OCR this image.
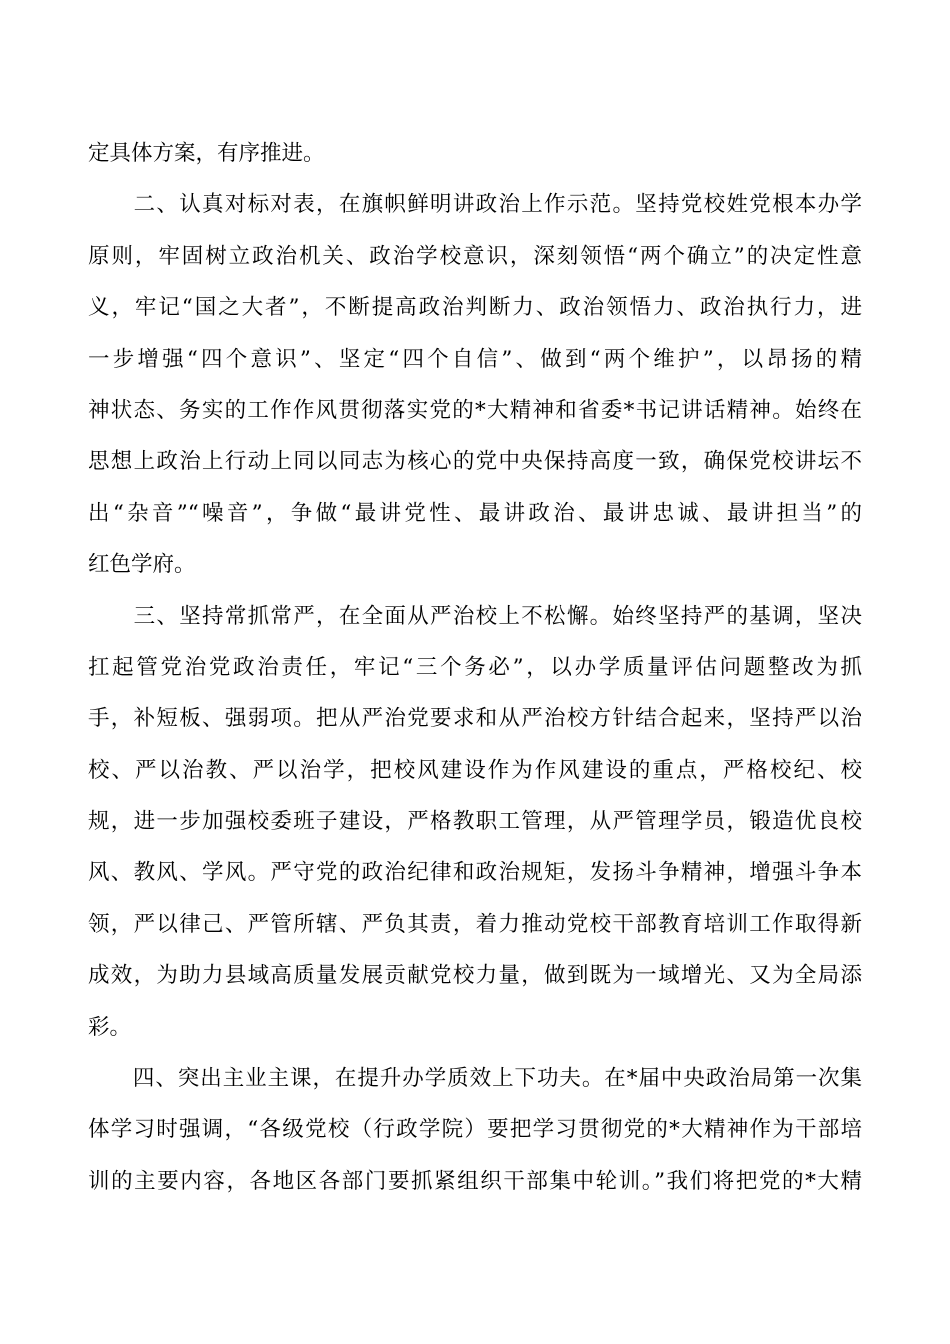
定具体方案，有序推进。
　　二、认真对标对表，在旗帜鲜明讲政治上作示范。坚持党校姓党根本办学
原则，牢固树立政治机关、政治学校意识，深刻领悟“两个确立”的决定性意
义，牢记“国之大者”，不断提高政治判断力、政治领悟力、政治执行力，进
一步增强“四个意识”、坚定“四个自信”、做到“两个维护”，以昂扬的精
神状态、务实的工作作风贯彻落实党的*大精神和省委*书记讲话精神。始终在
思想上政治上行动上同以同志为核心的党中央保持高度一致，确保党校讲坛不
出“杂音”“噪音”，争做“最讲党性、最讲政治、最讲忠诚、最讲担当”的
红色学府。
　　三、坚持常抓常严，在全面从严治校上不松懈。始终坚持严的基调，坚决
扛起管党治党政治责任，牢记“三个务必”，以办学质量评估问题整改为抓
手，补短板、强弱项。把从严治党要求和从严治校方针结合起来，坚持严以治
校、严以治教、严以治学，把校风建设作为作风建设的重点，严格校纪、校
规，进一步加强校委班子建设，严格教职工管理，从严管理学员，锻造优良校
风、教风、学风。严守党的政治纪律和政治规矩，发扬斗争精神，增强斗争本
领，严以律己、严管所辖、严负其责，着力推动党校干部教育培训工作取得新
成效，为助力县域高质量发展贡献党校力量，做到既为一域增光、又为全局添
彩。
　　四、突出主业主课，在提升办学质效上下功夫。在*届中央政治局第一次集
体学习时强调，“各级党校（行政学院）要把学习贯彻党的*大精神作为干部培
训的主要内容，各地区各部门要抓紧组织干部集中轮训。”我们将把党的*大精
